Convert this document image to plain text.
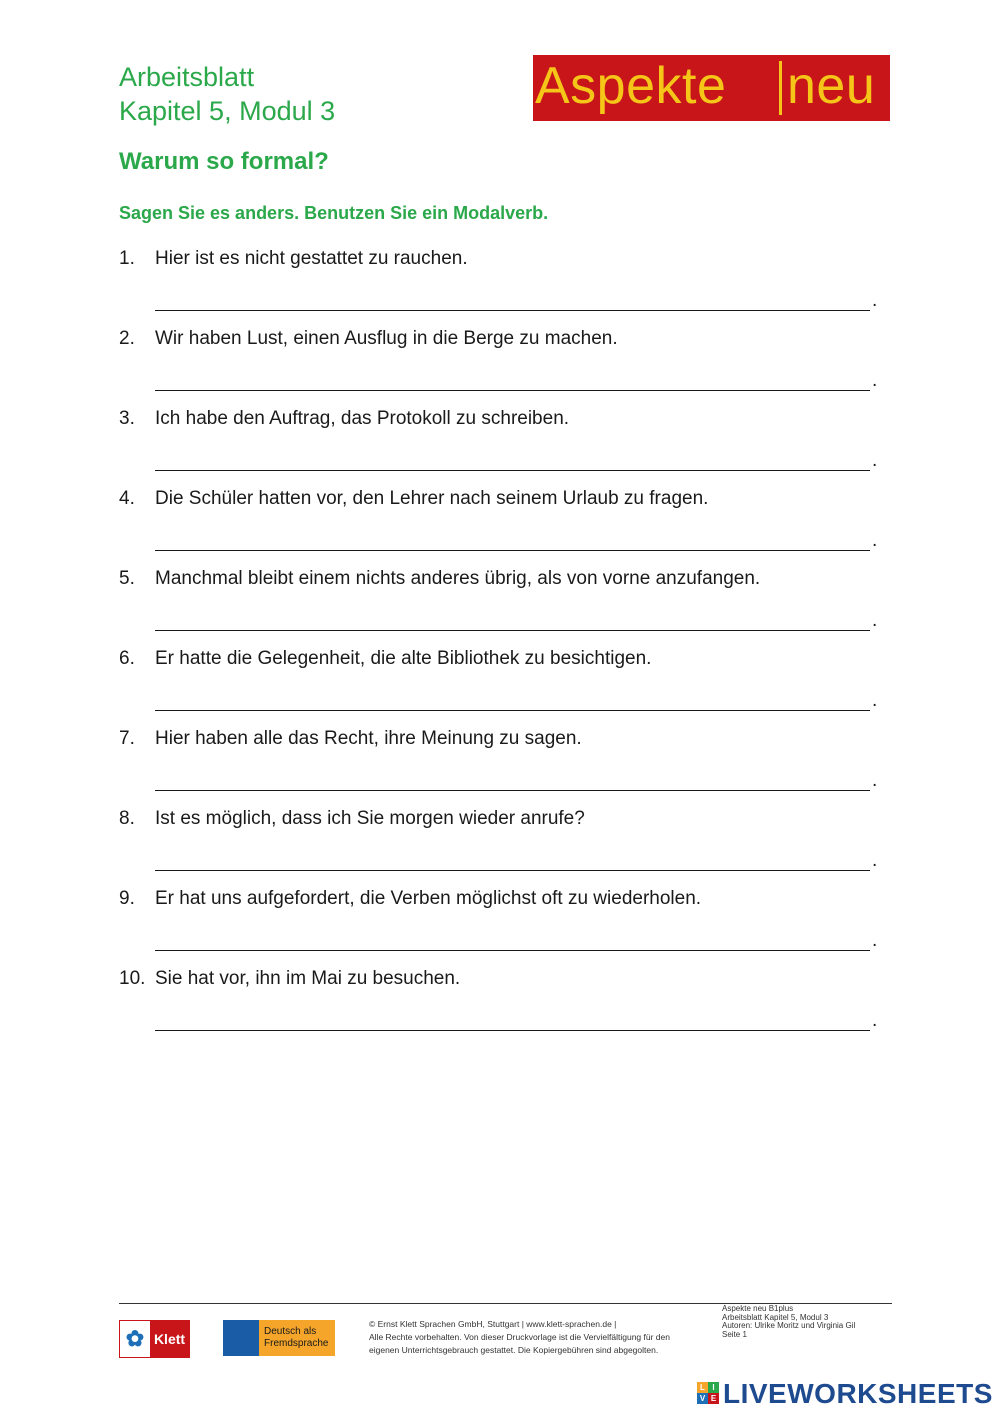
Arbeitsblatt
Kapitel 5, Modul 3	Aspekte neu
Warum so formal?
Sagen Sie es anders. Benutzen Sie ein Modalverb.
1. Hier ist es nicht gestattet zu rauchen.
.
2. Wir haben Lust, einen Ausflug in die Berge zu machen.
.
3. Ich habe den Auftrag, das Protokoll zu schreiben.
.
4. Die Schüler hatten vor, den Lehrer nach seinem Urlaub zu fragen.
.
5. Manchmal bleibt einem nichts anderes übrig, als von vorne anzufangen.
.
6. Er hatte die Gelegenheit, die alte Bibliothek zu besichtigen.
.
7. Hier haben alle das Recht, ihre Meinung zu sagen.
.
8. Ist es möglich, dass ich Sie morgen wieder anrufe?
.
9. Er hat uns aufgefordert, die Verben möglichst oft zu wiederholen.
.
10. Sie hat vor, ihn im Mai zu besuchen.
.
✿ Klett	Deutsch als Fremdsprache
© Ernst Klett Sprachen GmbH, Stuttgart | www.klett-sprachen.de |
Alle Rechte vorbehalten. Von dieser Druckvorlage ist die Vervielfältigung für den
eigenen Unterrichtsgebrauch gestattet. Die Kopiergebühren sind abgegolten.
Aspekte neu B1plus
Arbeitsblatt Kapitel 5, Modul 3
Autoren: Ulrike Moritz und Virginia Gil
Seite 1
L I
V E LIVEWORKSHEETS
